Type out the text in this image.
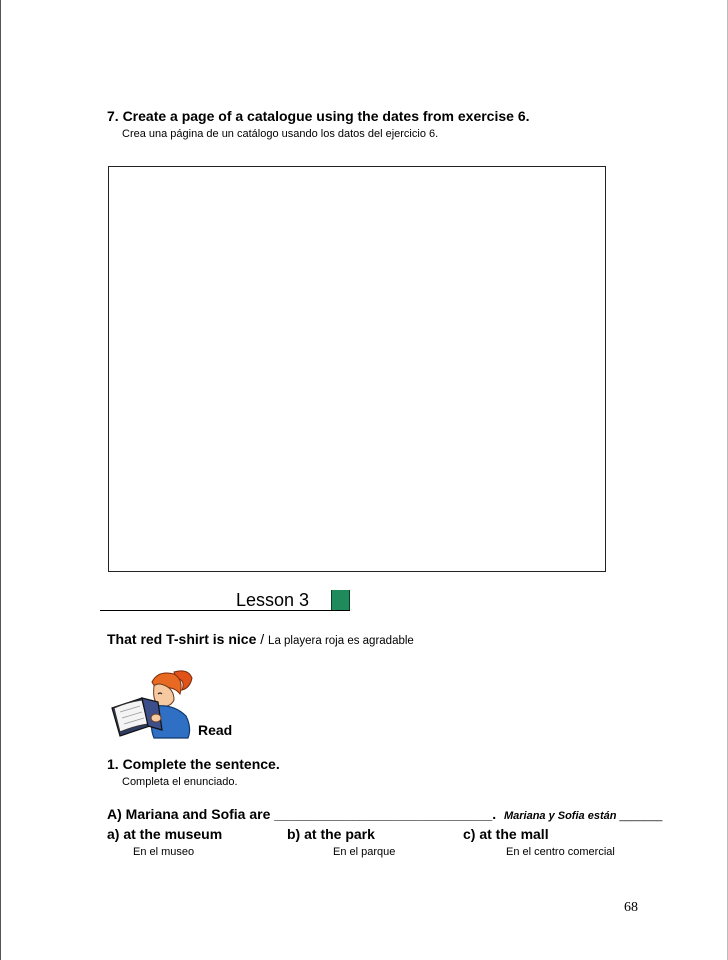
7. Create a page of a catalogue using the dates from exercise 6.
Crea una página de un catálogo usando los datos del ejercicio 6.
Lesson 3
That red T-shirt is nice / La playera roja es agradable
Read
1. Complete the sentence.
Completa el enunciado.
A) Mariana and Sofia are ____________________________. Mariana y Sofia están _______
a) at the museum	b) at the park	c) at the mall
En el museo	En el parque	En el centro comercial
68
